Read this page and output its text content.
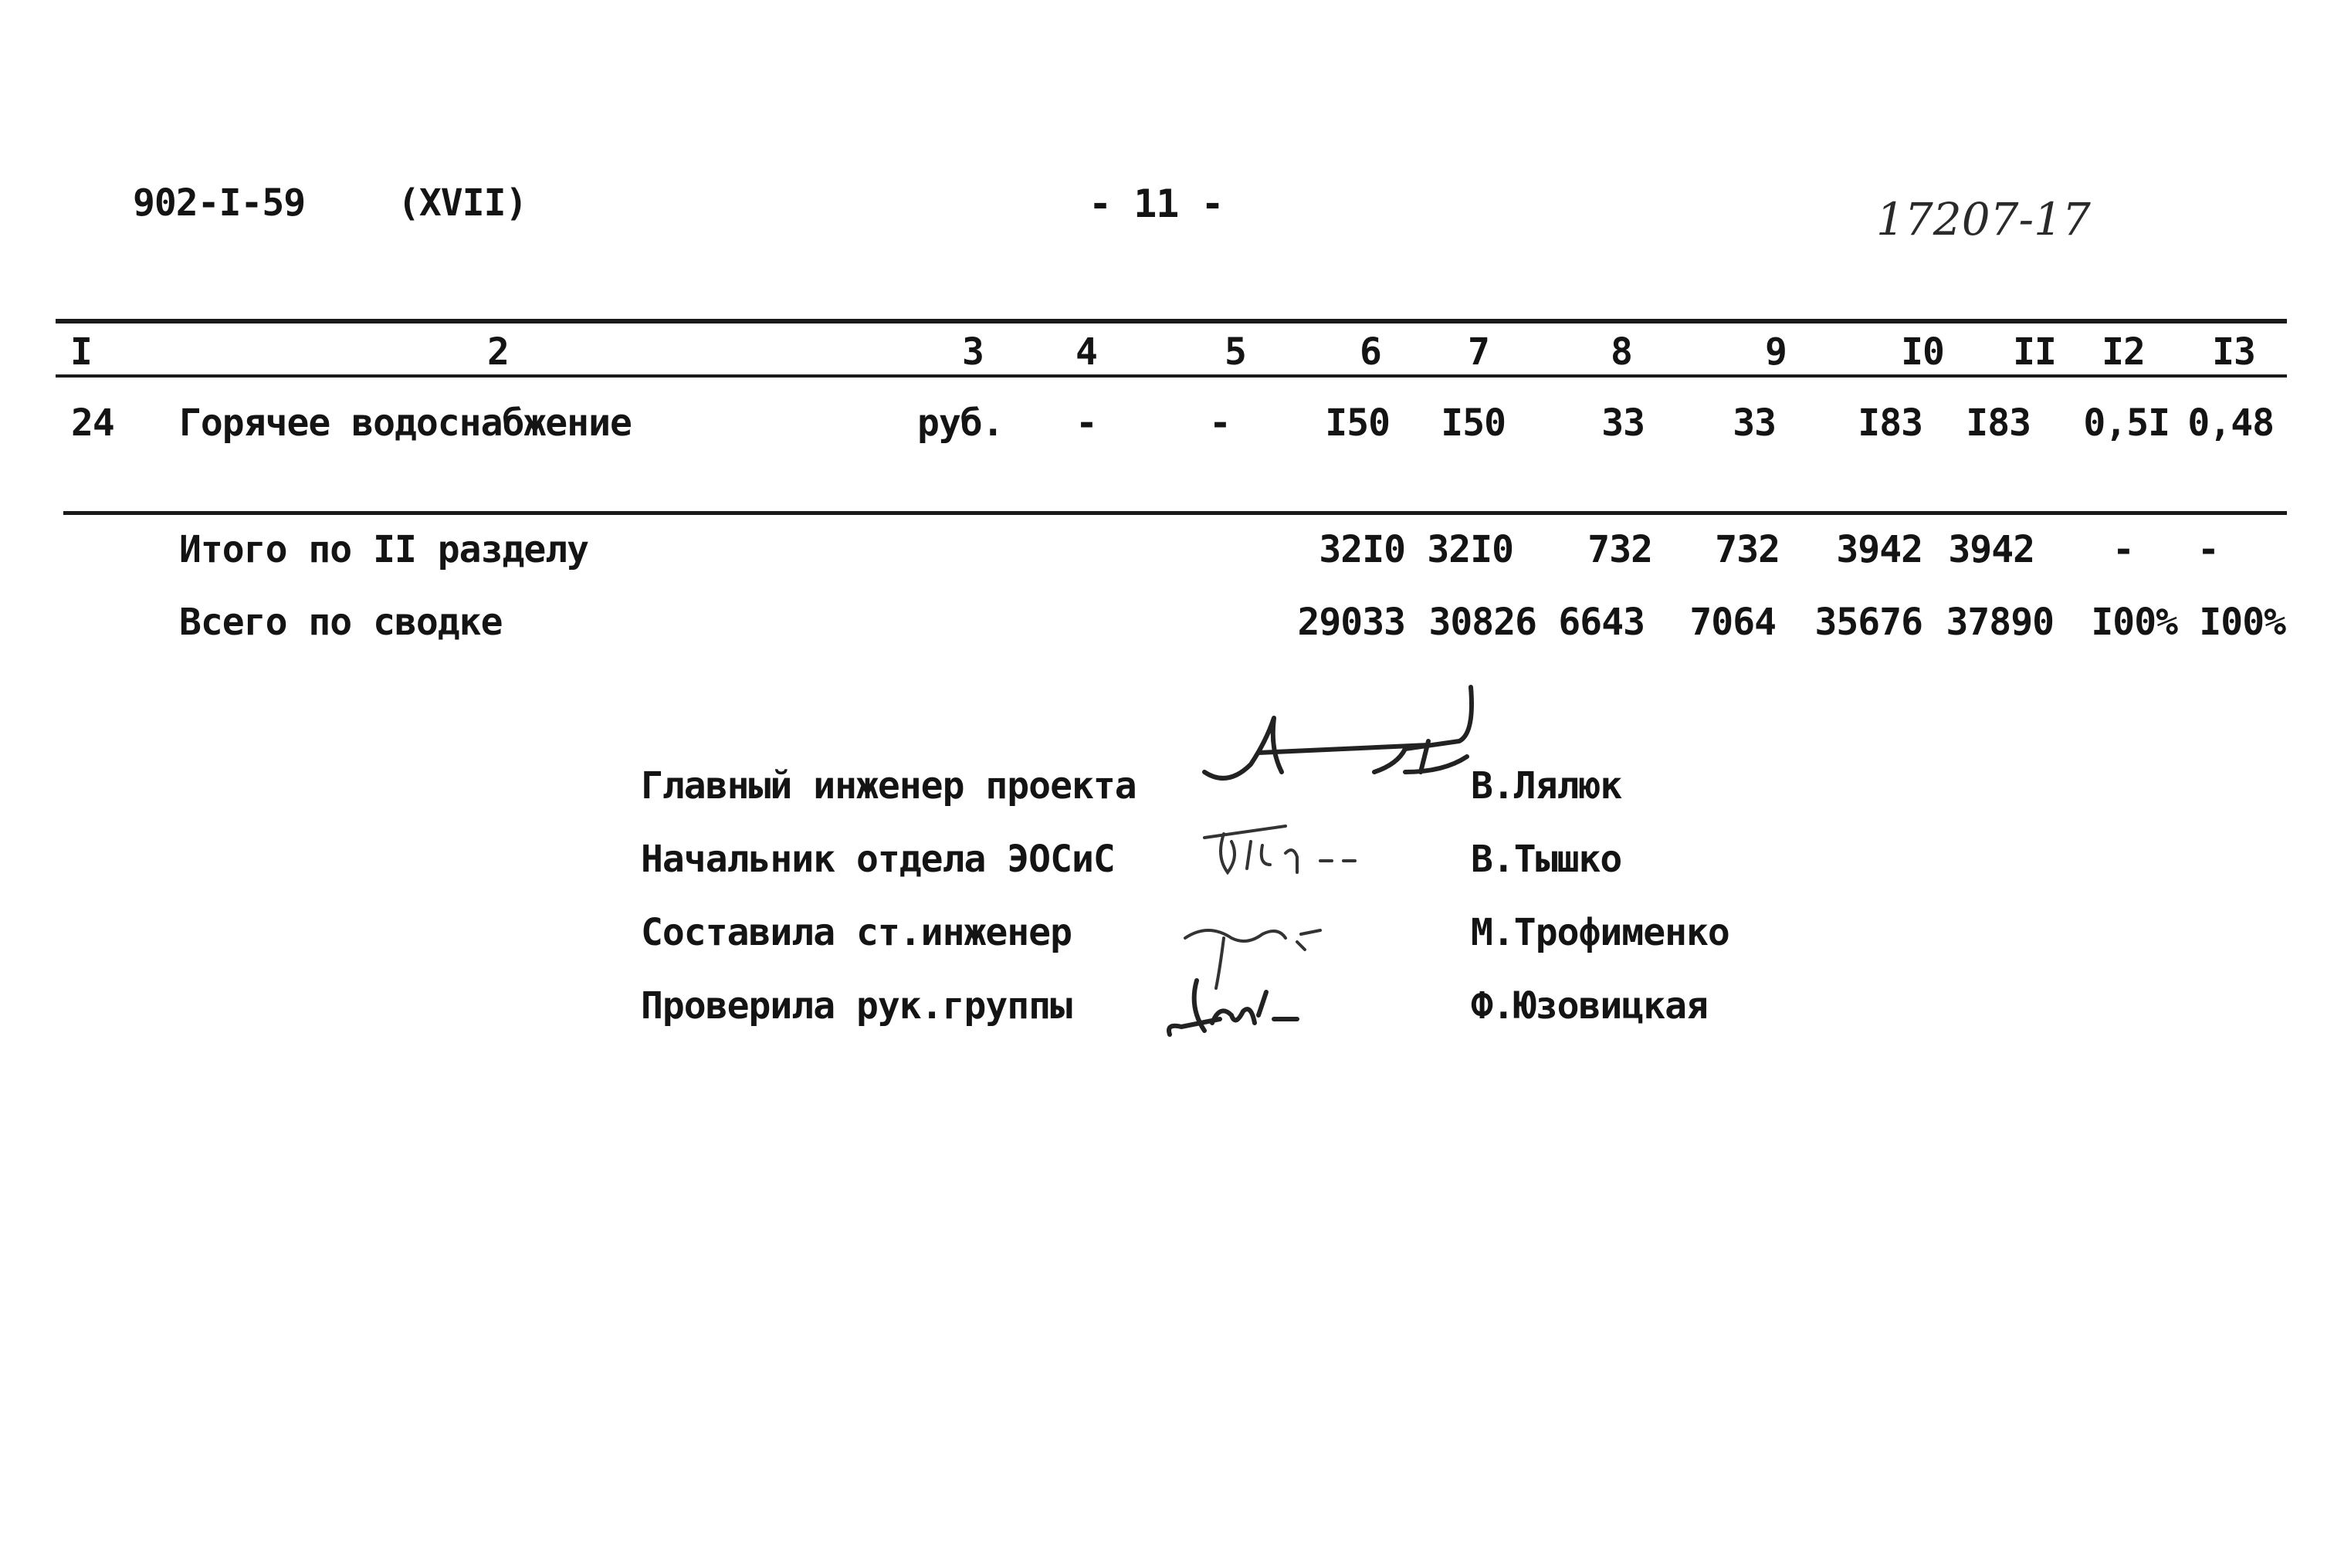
902-I-59 (XVII)	- 11 -	17207-17
I	2	3	4	5	6	7	8	9	I0	II	I2	I3
24 Горячее водоснабжение	руб.	-	-	I50	I50	33	33	I83	I83	0,5I 0,48
Итого по II разделу	32I0 32I0	732	732	3942 3942	-	-
Всего по сводке	29033 30826 6643	7064	35676 37890	I00% I00%
Главный инженер проекта	В.Лялюк
Начальник отдела ЭОСиС	В.Тышко
Составила ст.инженер	М.Трофименко
Проверила рук.группы	Ф.Юзовицкая
